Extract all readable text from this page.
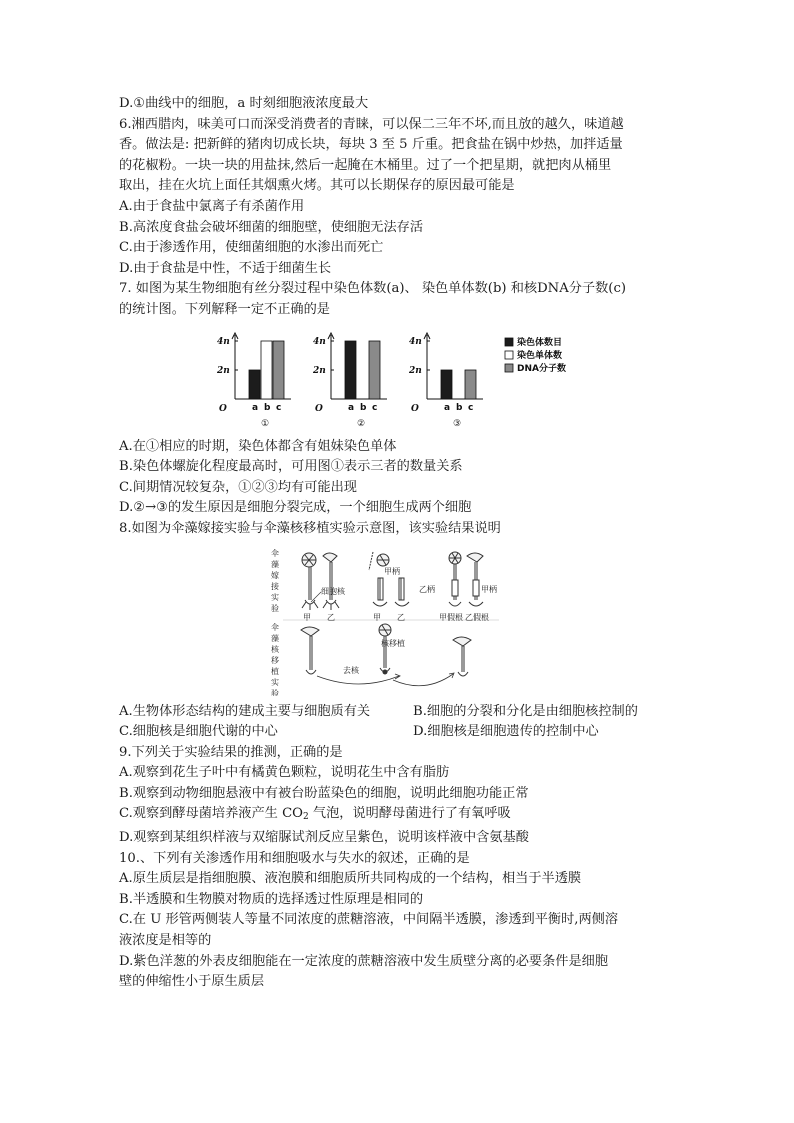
D.①曲线中的细胞，a 时刻细胞液浓度最大
6.湘西腊肉，味美可口而深受消费者的青睐，可以保二三年不坏,而且放的越久，味道越
香。做法是: 把新鲜的猪肉切成长块，每块 3 至 5 斤重。把食盐在锅中炒热，加拌适量
的花椒粉。一块一块的用盐抹,然后一起腌在木桶里。过了一个把星期，就把肉从桶里
取出，挂在火坑上面任其烟熏火烤。其可以长期保存的原因最可能是
A.由于食盐中氯离子有杀菌作用
B.高浓度食盐会破坏细菌的细胞壁，使细胞无法存活
C.由于渗透作用，使细菌细胞的水渗出而死亡
D.由于食盐是中性，不适于细菌生长
7. 如图为某生物细胞有丝分裂过程中染色体数(a)、 染色单体数(b) 和核DNA分子数(c)
的统计图。下列解释一定不正确的是
4n
2n
O	a b c
①
4n
2n
O	a b c
②
4n
2n
O	a b c
③
染色体数目
染色单体数
DNA分子数
A.在①相应的时期，染色体都含有姐妹染色单体
B.染色体螺旋化程度最高时，可用图①表示三者的数量关系
C.间期情况较复杂，①②③均有可能出现
D.②→③的发生原因是细胞分裂完成，一个细胞生成两个细胞
8.如图为伞藻嫁接实验与伞藻核移植实验示意图，该实验结果说明
伞藻嫁接实验
伞藻核移植实验
细胞核
甲 乙
甲柄
甲 乙
乙柄	甲柄
甲假根 乙假根
核移植
去核
A.生物体形态结构的建成主要与细胞质有关	B.细胞的分裂和分化是由细胞核控制的
C.细胞核是细胞代谢的中心	D.细胞核是细胞遗传的控制中心
9.下列关于实验结果的推测，正确的是
A.观察到花生子叶中有橘黄色颗粒，说明花生中含有脂肪
B.观察到动物细胞悬液中有被台盼蓝染色的细胞，说明此细胞功能正常
C.观察到酵母菌培养液产生 $CO_2$ 气泡，说明酵母菌进行了有氧呼吸
D.观察到某组织样液与双缩脲试剂反应呈紫色，说明该样液中含氨基酸
10.、下列有关渗透作用和细胞吸水与失水的叙述，正确的是
A.原生质层是指细胞膜、液泡膜和细胞质所共同构成的一个结构，相当于半透膜
B.半透膜和生物膜对物质的选择透过性原理是相同的
C.在 U 形管两侧装人等量不同浓度的蔗糖溶液，中间隔半透膜，渗透到平衡时,两侧溶
液浓度是相等的
D.紫色洋葱的外表皮细胞能在一定浓度的蔗糖溶液中发生质壁分离的必要条件是细胞
壁的伸缩性小于原生质层
